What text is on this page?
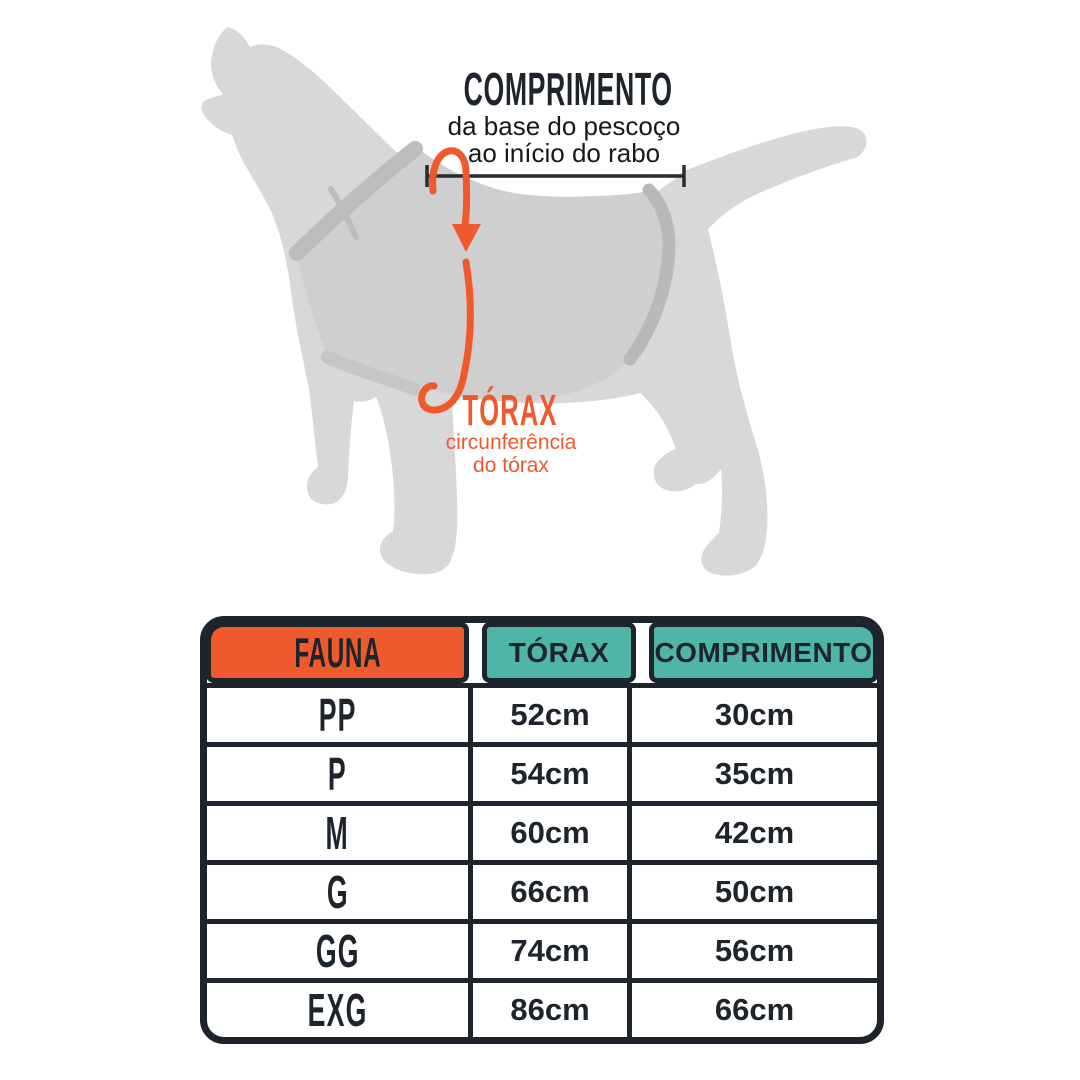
COMPRIMENTO
da base do pescoço
ao início do rabo
TÓRAX
circunferência
do tórax
FAUNA	TÓRAX	COMPRIMENTO
PP	52cm	30cm
P	54cm	35cm
M	60cm	42cm
G	66cm	50cm
GG	74cm	56cm
EXG	86cm	66cm
